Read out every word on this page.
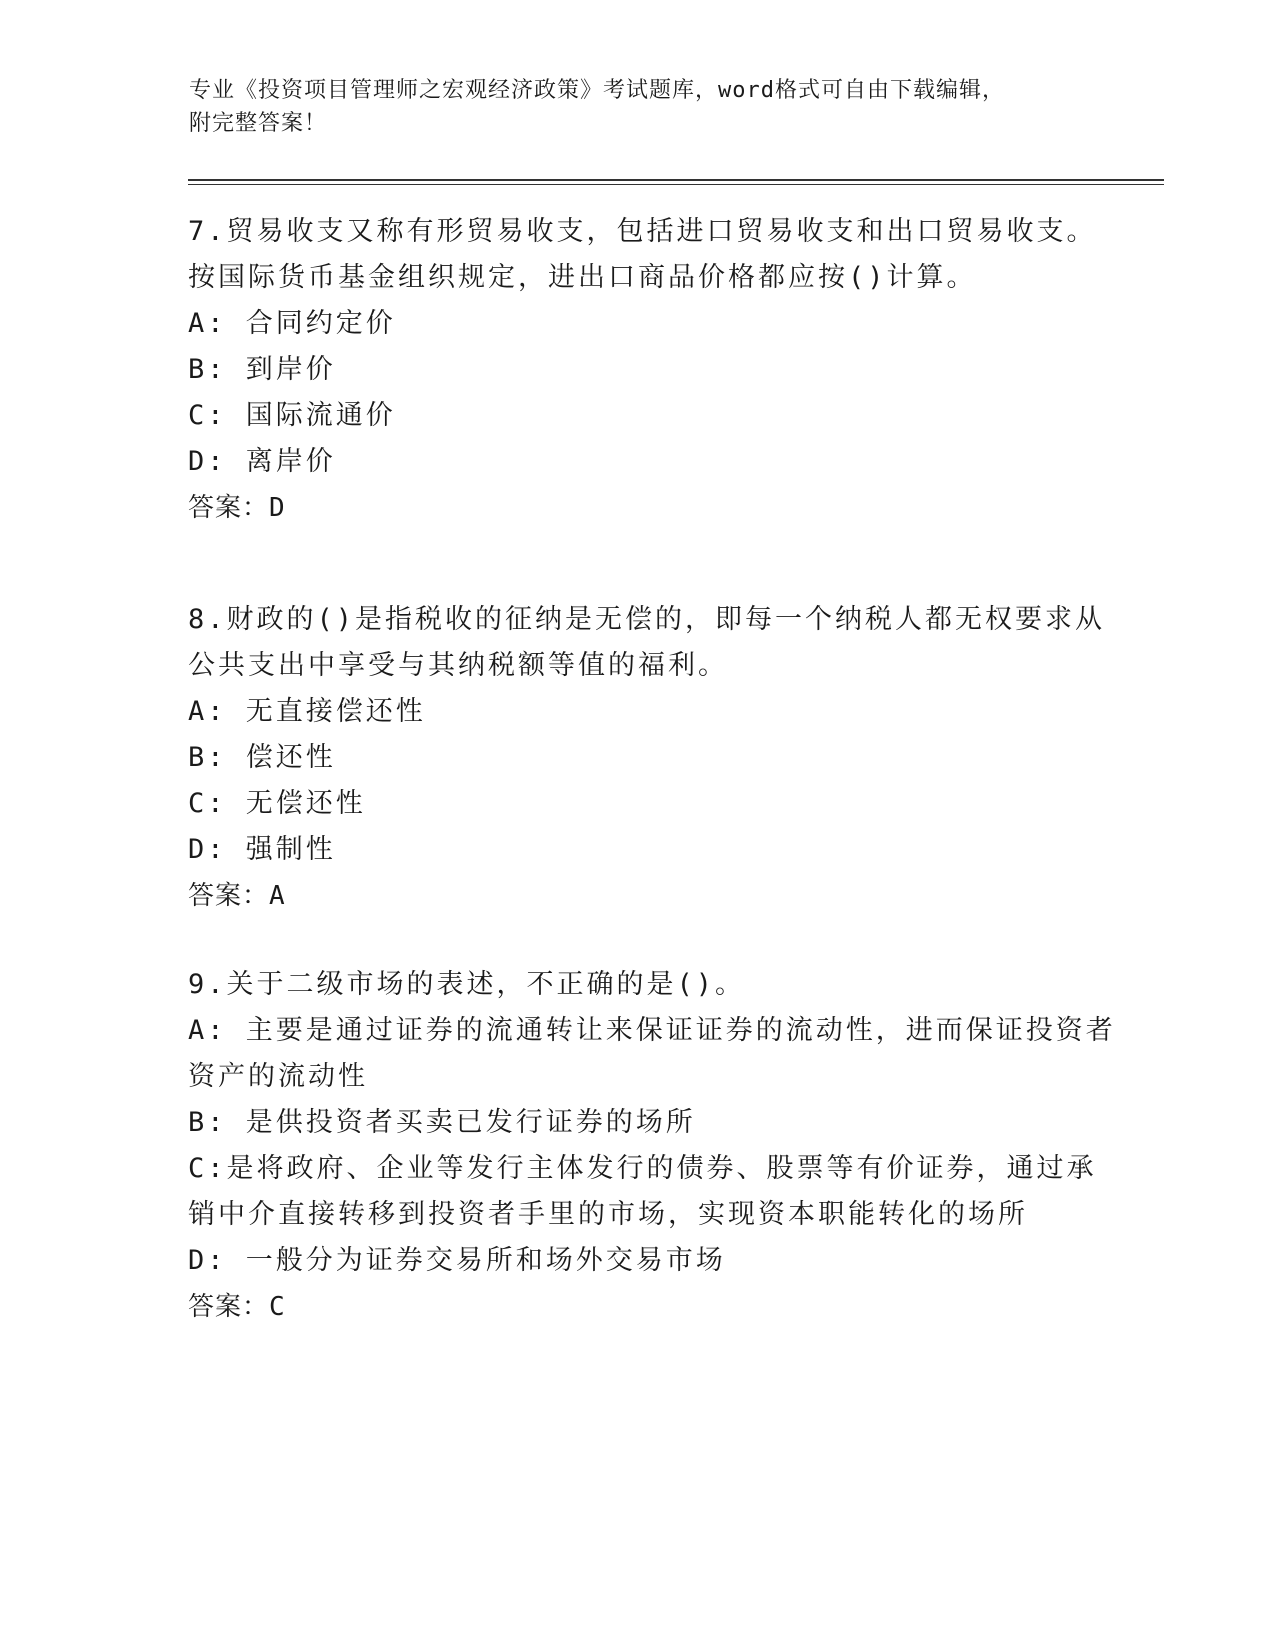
专业《投资项目管理师之宏观经济政策》考试题库，word格式可自由下载编辑，
附完整答案！
7.贸易收支又称有形贸易收支，包括进口贸易收支和出口贸易收支。
按国际货币基金组织规定，进出口商品价格都应按()计算。
A: 合同约定价
B: 到岸价
C: 国际流通价
D: 离岸价
答案：D
8.财政的()是指税收的征纳是无偿的，即每一个纳税人都无权要求从
公共支出中享受与其纳税额等值的福利。
A: 无直接偿还性
B: 偿还性
C: 无偿还性
D: 强制性
答案：A
9.关于二级市场的表述，不正确的是()。
A: 主要是通过证券的流通转让来保证证券的流动性，进而保证投资者
资产的流动性
B: 是供投资者买卖已发行证券的场所
C:是将政府、企业等发行主体发行的债券、股票等有价证券，通过承
销中介直接转移到投资者手里的市场，实现资本职能转化的场所
D: 一般分为证券交易所和场外交易市场
答案：C
